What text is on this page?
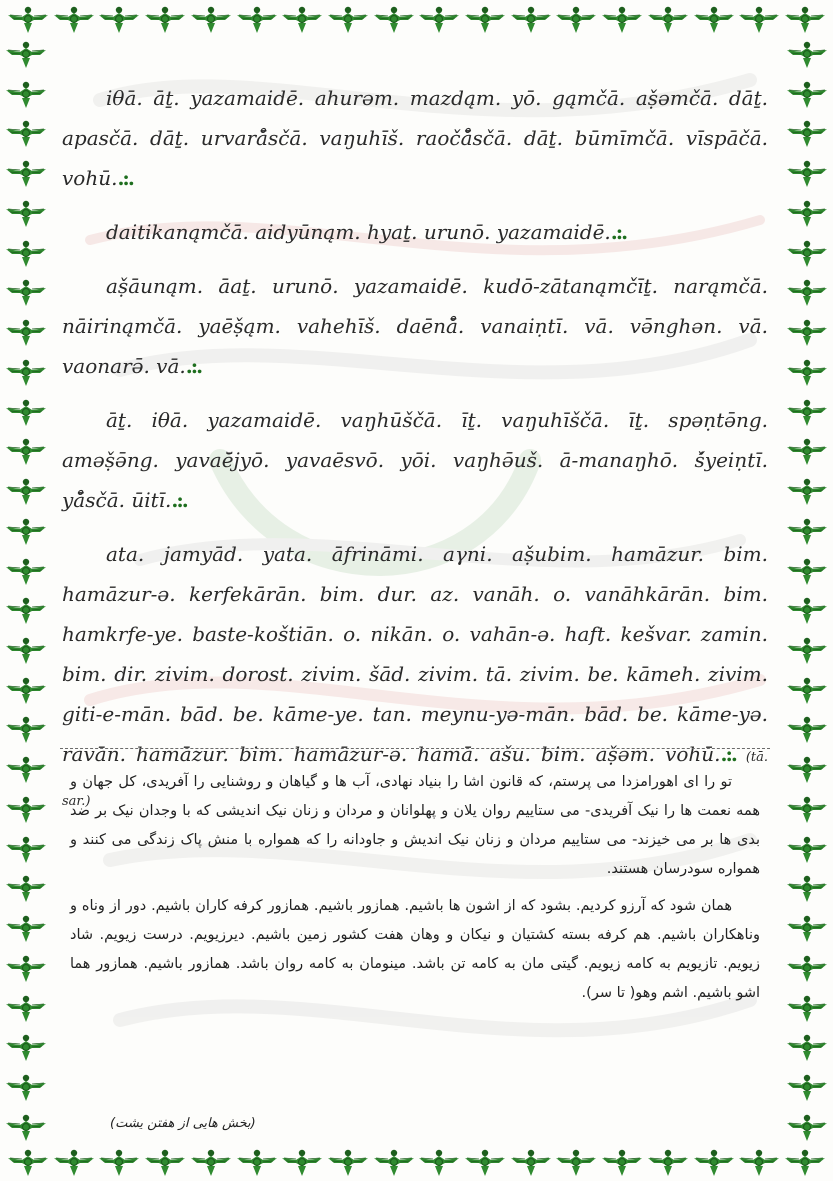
iθā. āṯ. yazamaidē. ahurəm. mazdąm. yō. gąmčā. aṣ̌əmčā. dāṯ. apasčā. dāṯ. urvarå̄sčā. vaŋuhīš. raočå̄sčā. dāṯ. būmīmčā. vīspāčā. vohū..:.

daitikanąmčā. aidyūnąm. hyaṯ. urunō. yazamaidē..:.

aṣ̌āunąm. āaṯ. urunō. yazamaidē. kudō-zātanąmčīṯ. narąmčā. nāirinąmčā. yaēṣ̌ąm. vahehīš. daēnå̄. vanaiṇtī. vā. və̄nghən. vā. vaonarə̄. vā..:.

āṯ. iθā. yazamaidē. vaŋhūščā. īṯ. vaŋuhīščā. īṯ. spəṇtə̄ng. aməṣ̌ə̄ng. yavaē̆jyō. yavaēsvō. yōi. vaŋhə̄uš. ā-manaŋhō. š́yeiṇtī. yå̄sčā. ūitī..:.

ata. jamyād. yata. āfrināmi. aγni. aṣ̌ubim. hamāzur. bim. hamāzur-ə. kerfekārān. bim. dur. az. vanāh. o. vanāhkārān. bim. hamkrfe-ye. baste-koštiān. o. nikān. o. vahān-ə. haft. kešvar. zamin. bim. dir. zivim. dorost. zivim. šād. zivim. tā. zivim. be. kāmeh. zivim. giti-e-mān. bād. be. kāme-ye. tan. meynu-yə-mān. bād. be. kāme-yə. ravān. hamāzur. bim. hamāzur-ə. hamā. ašu. bim. aṣ̌əm. vohū..:. (tā. sar.)

تو را ای اهورامزدا می پرستم، که قانون اشا را بنیاد نهادی، آب ها و گیاهان و روشنایی را آفریدی، کل جهان و همه نعمت ها را نیک آفریدی- می ستاییم روان یلان و پهلوانان و مردان و زنان نیک اندیشی که با وجدان نیک بر ضد بدی ها بر می خیزند- می ستاییم مردان و زنان نیک اندیش و جاودانه را که همواره با منش پاک زندگی می کنند و همواره سودرسان هستند.

همان شود که آرزو کردیم. بشود که از اشون ها باشیم. همازور باشیم. همازور کرفه کاران باشیم. دور از وناه و وناهکاران باشیم. هم کرفه بسته کشتیان و نیکان و وهان هفت کشور زمین باشیم. دیرزیویم. درست زیویم. شاد زیویم. تازیویم به کامه زیویم. گیتی مان به کامه تن باشد. مینومان به کامه روان باشد. همازور باشیم. همازور هما اشو باشیم. اشم وهو( تا سر).

(بخش هایی از هفتن یشت)
